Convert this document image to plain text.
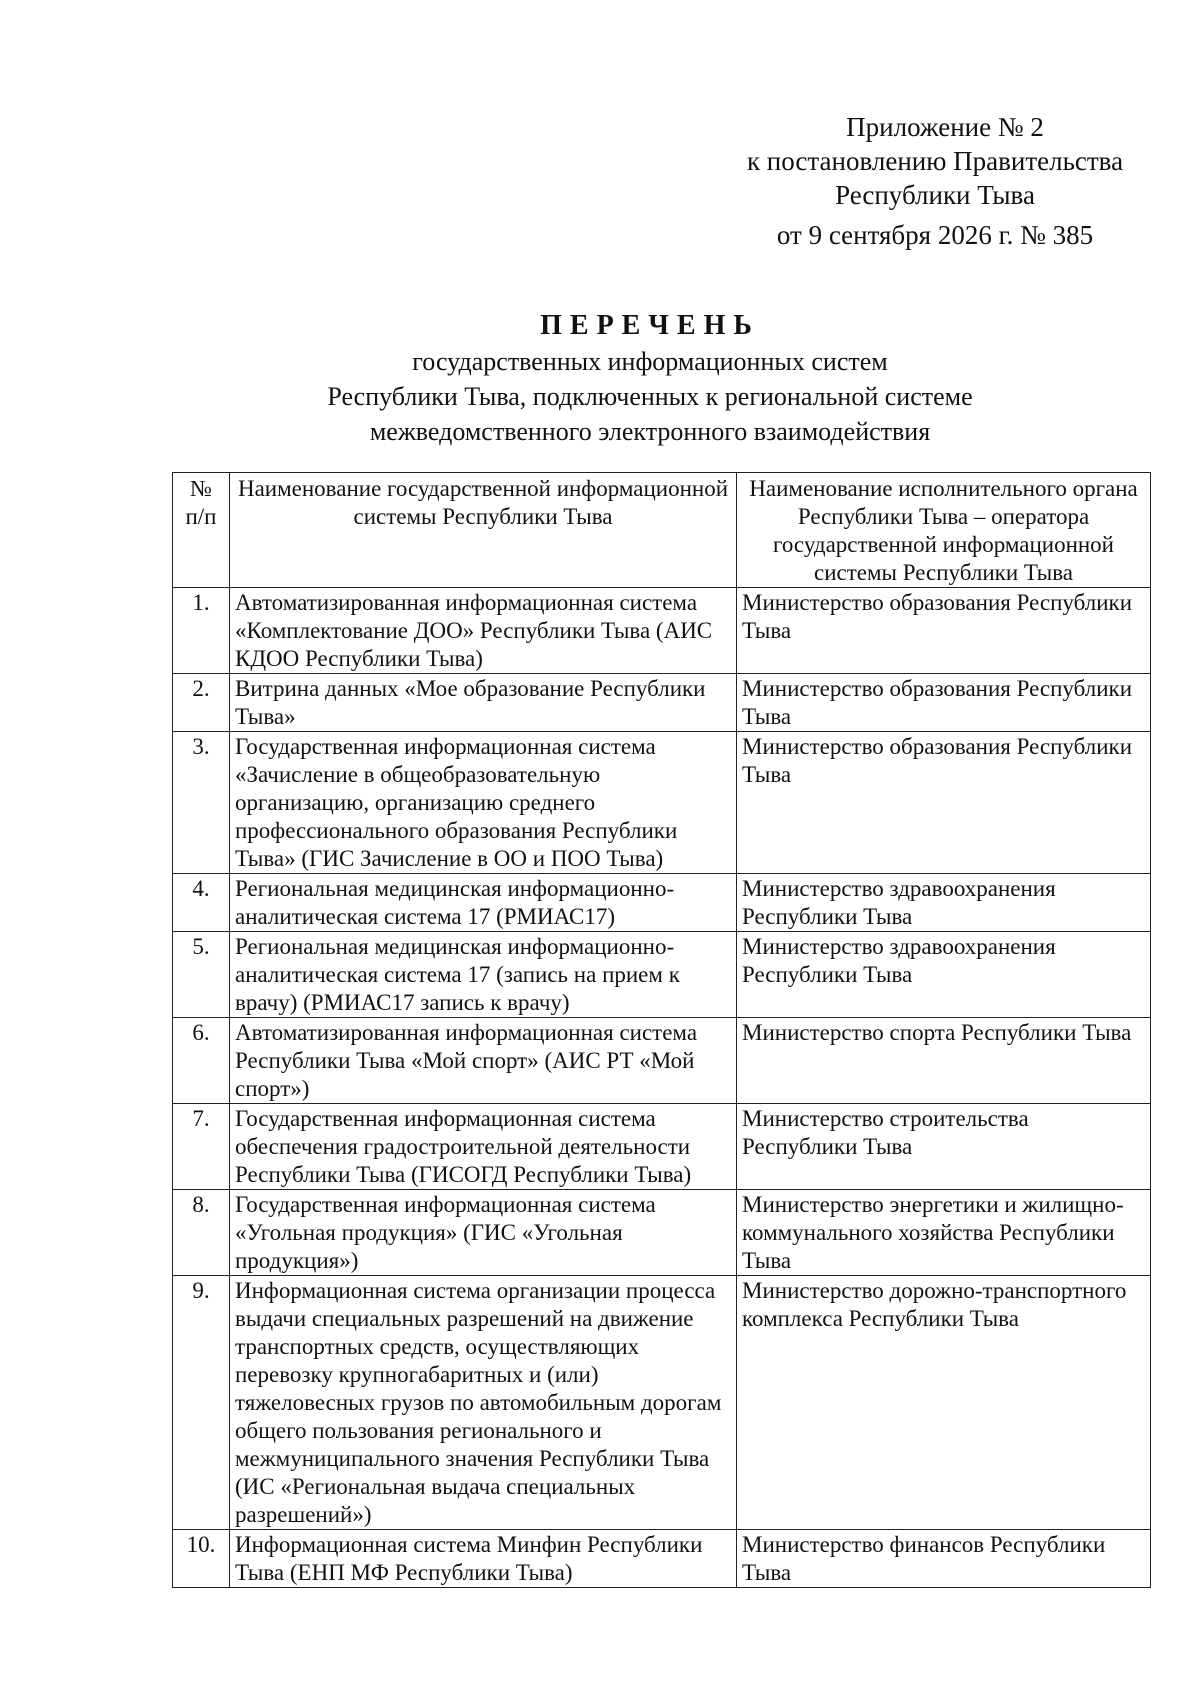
Приложение № 2
к постановлению Правительства
Республики Тыва
от 9 сентября 2026 г. № 385
ПЕРЕЧЕНЬ
государственных информационных систем
Республики Тыва, подключенных к региональной системе
межведомственного электронного взаимодействия
№ п/п	Наименование государственной информационной системы Республики Тыва	Наименование исполнительного органа Республики Тыва – оператора государственной информационной системы Республики Тыва
1.	Автоматизированная информационная система «Комплектование ДОО» Республики Тыва (АИС КДОО Республики Тыва)	Министерство образования Республики Тыва
2.	Витрина данных «Мое образование Республики Тыва»	Министерство образования Республики Тыва
3.	Государственная информационная система «Зачисление в общеобразовательную организацию, организацию среднего профессионального образования Республики Тыва» (ГИС Зачисление в ОО и ПОО Тыва)	Министерство образования Республики Тыва
4.	Региональная медицинская информационно-аналитическая система 17 (РМИАС17)	Министерство здравоохранения Республики Тыва
5.	Региональная медицинская информационно-аналитическая система 17 (запись на прием к врачу) (РМИАС17 запись к врачу)	Министерство здравоохранения Республики Тыва
6.	Автоматизированная информационная система Республики Тыва «Мой спорт» (АИС РТ «Мой спорт»)	Министерство спорта Республики Тыва
7.	Государственная информационная система обеспечения градостроительной деятельности Республики Тыва (ГИСОГД Республики Тыва)	Министерство строительства Республики Тыва
8.	Государственная информационная система «Угольная продукция» (ГИС «Угольная продукция»)	Министерство энергетики и жилищно-коммунального хозяйства Республики Тыва
9.	Информационная система организации процесса выдачи специальных разрешений на движение транспортных средств, осуществляющих перевозку крупногабаритных и (или) тяжеловесных грузов по автомобильным дорогам общего пользования регионального и межмуниципального значения Республики Тыва (ИС «Региональная выдача специальных разрешений»)	Министерство дорожно-транспортного комплекса Республики Тыва
10.	Информационная система Минфин Республики Тыва (ЕНП МФ Республики Тыва)	Министерство финансов Республики Тыва
